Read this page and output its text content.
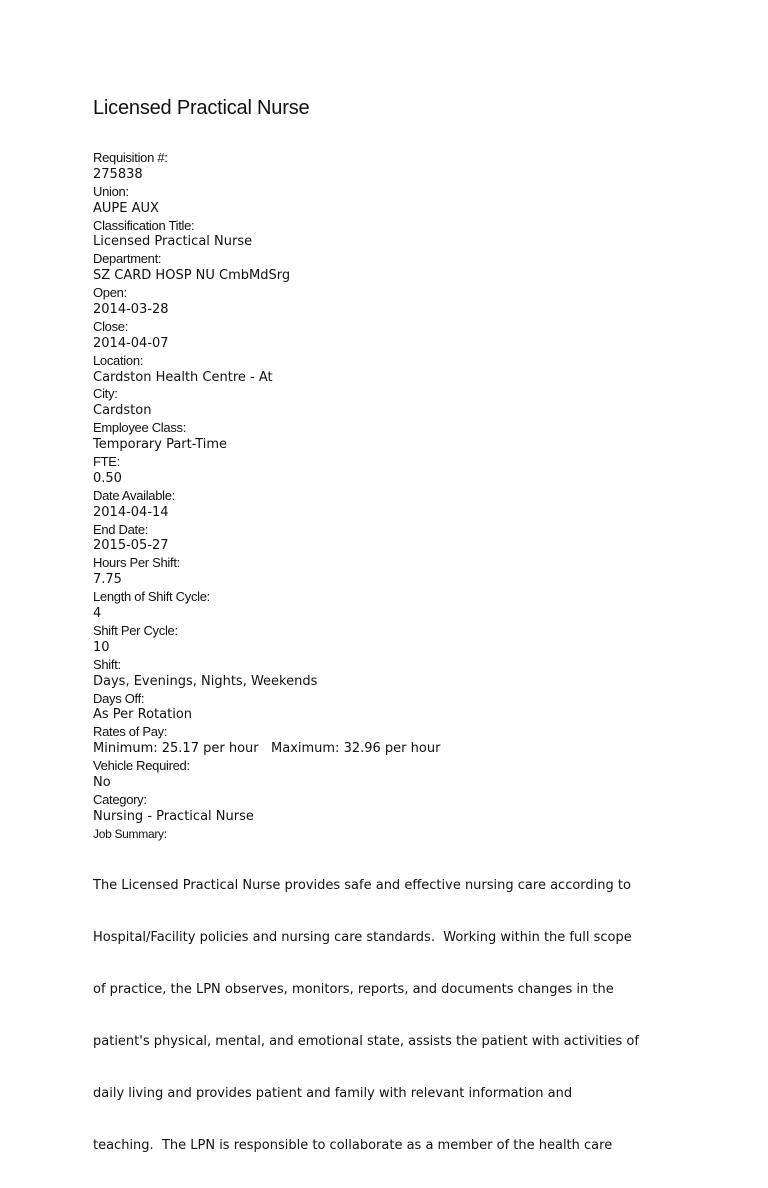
Licensed Practical Nurse
Requisition #:
275838
Union:
AUPE AUX
Classification Title:
Licensed Practical Nurse
Department:
SZ CARD HOSP NU CmbMdSrg
Open:
2014-03-28
Close:
2014-04-07
Location:
Cardston Health Centre - At
City:
Cardston
Employee Class:
Temporary Part-Time
FTE:
0.50
Date Available:
2014-04-14
End Date:
2015-05-27
Hours Per Shift:
7.75
Length of Shift Cycle:
4
Shift Per Cycle:
10
Shift:
Days, Evenings, Nights, Weekends
Days Off:
As Per Rotation
Rates of Pay:
Minimum: 25.17 per hour   Maximum: 32.96 per hour
Vehicle Required:
No
Category:
Nursing - Practical Nurse
Job Summary:

The Licensed Practical Nurse provides safe and effective nursing care according to

Hospital/Facility policies and nursing care standards.  Working within the full scope

of practice, the LPN observes, monitors, reports, and documents changes in the

patient's physical, mental, and emotional state, assists the patient with activities of

daily living and provides patient and family with relevant information and

teaching.  The LPN is responsible to collaborate as a member of the health care
